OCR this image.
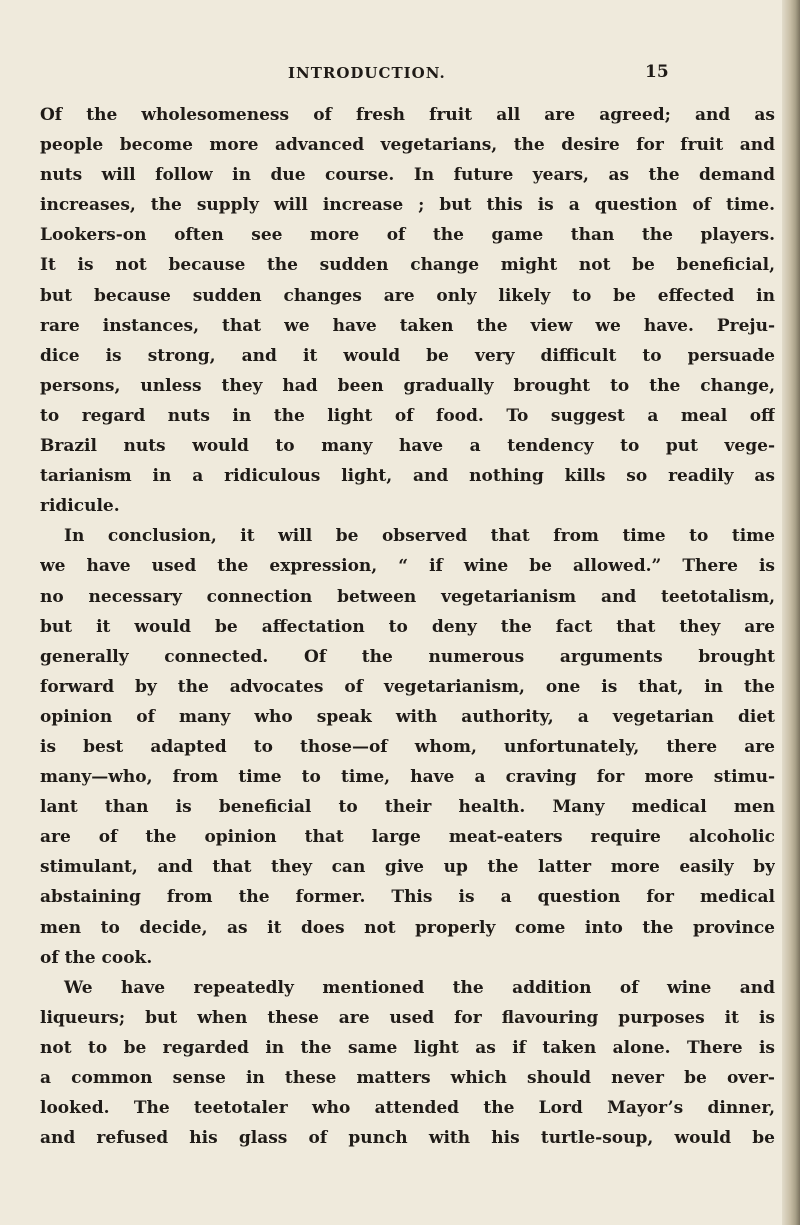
INTRODUCTION.	15
Of the wholesomeness of fresh fruit all are agreed; and as
people become more advanced vegetarians, the desire for fruit and
nuts will follow in due course. In future years, as the demand
increases, the supply will increase ; but this is a question of time.
Lookers-on often see more of the game than the players.
It is not because the sudden change might not be beneficial,
but because sudden changes are only likely to be effected in
rare instances, that we have taken the view we have. Preju-
dice is strong, and it would be very difficult to persuade
persons, unless they had been gradually brought to the change,
to regard nuts in the light of food. To suggest a meal off
Brazil nuts would to many have a tendency to put vege-
tarianism in a ridiculous light, and nothing kills so readily as
ridicule.
In conclusion, it will be observed that from time to time
we have used the expression, “ if wine be allowed.” There is
no necessary connection between vegetarianism and teetotalism,
but it would be affectation to deny the fact that they are
generally connected. Of the numerous arguments brought
forward by the advocates of vegetarianism, one is that, in the
opinion of many who speak with authority, a vegetarian diet
is best adapted to those—of whom, unfortunately, there are
many—who, from time to time, have a craving for more stimu-
lant than is beneficial to their health. Many medical men
are of the opinion that large meat-eaters require alcoholic
stimulant, and that they can give up the latter more easily by
abstaining from the former. This is a question for medical
men to decide, as it does not properly come into the province
of the cook.
We have repeatedly mentioned the addition of wine and
liqueurs; but when these are used for flavouring purposes it is
not to be regarded in the same light as if taken alone. There is
a common sense in these matters which should never be over-
looked. The teetotaler who attended the Lord Mayor’s dinner,
and refused his glass of punch with his turtle-soup, would be
